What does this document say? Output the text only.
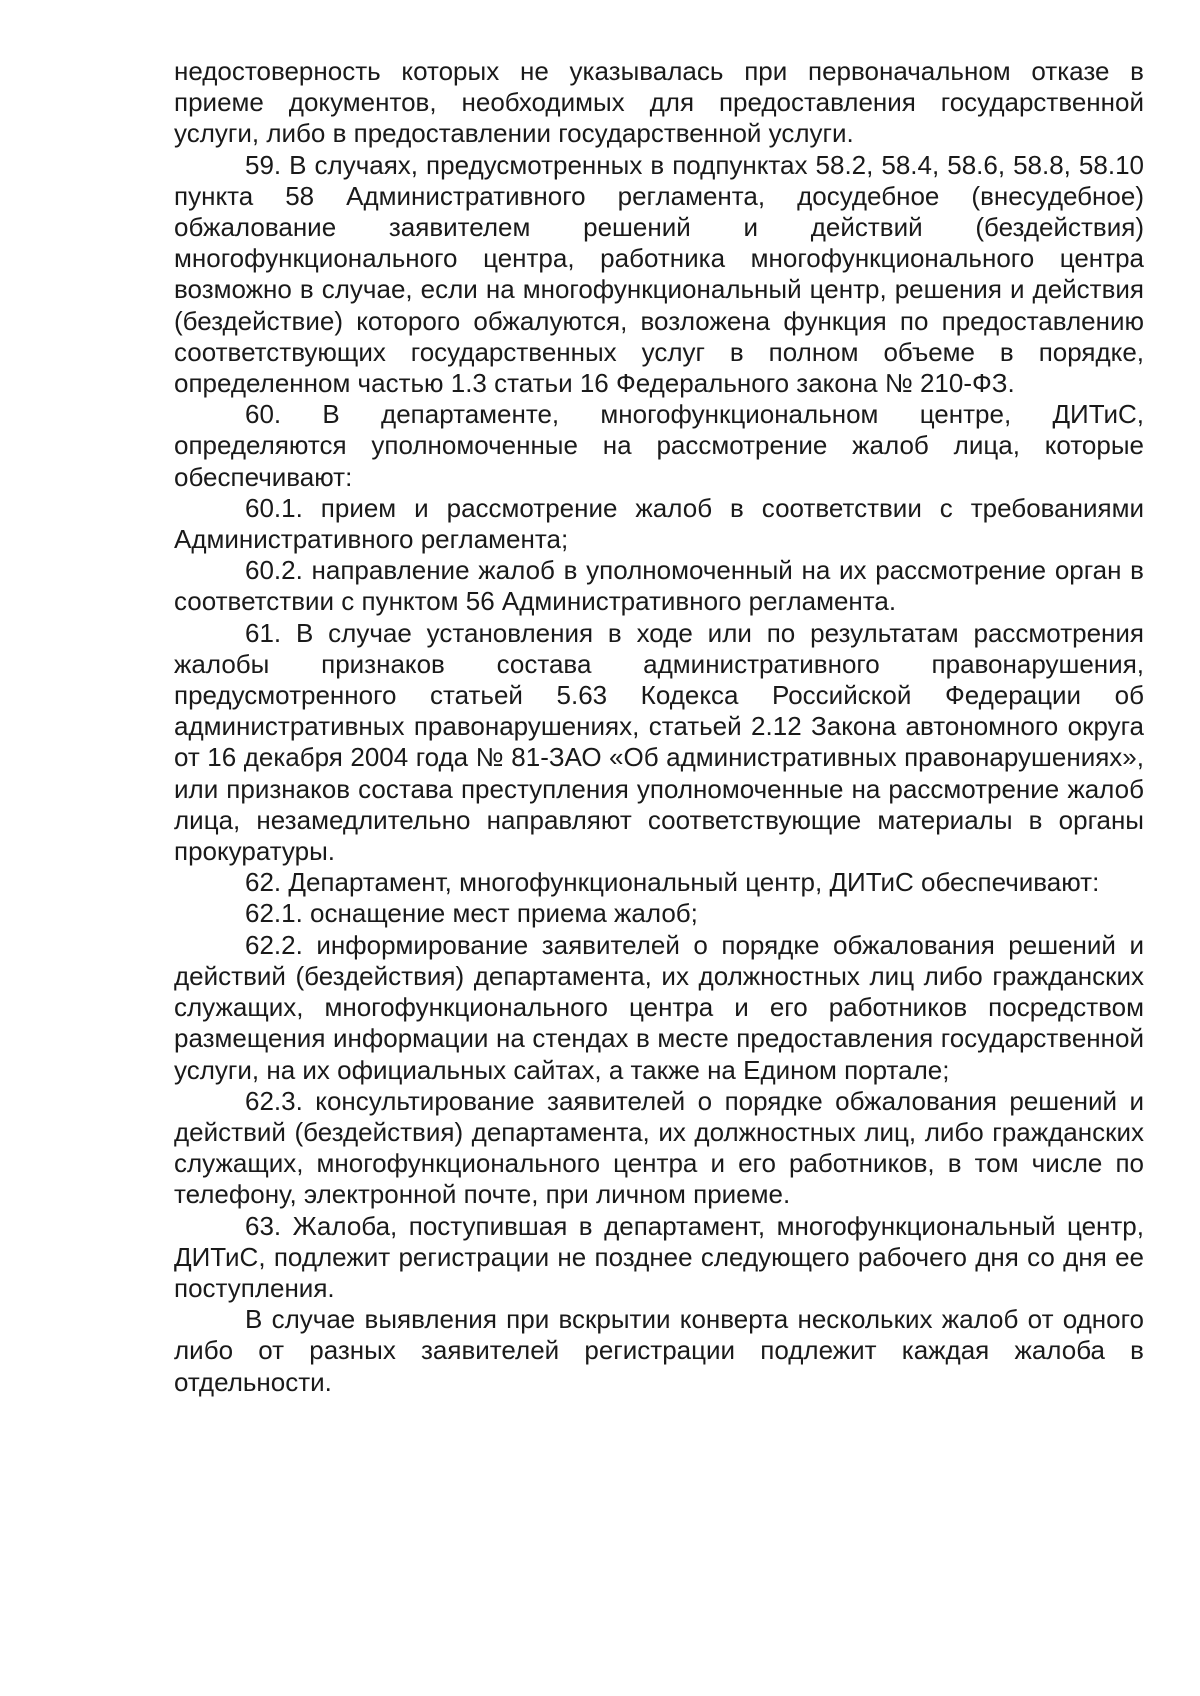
недостоверность которых не указывалась при первоначальном отказе в приеме документов, необходимых для предоставления государственной услуги, либо в предоставлении государственной услуги.

59. В случаях, предусмотренных в подпунктах 58.2, 58.4, 58.6, 58.8, 58.10 пункта 58 Административного регламента, досудебное (внесудебное) обжалование заявителем решений и действий (бездействия) многофункционального центра, работника многофункционального центра возможно в случае, если на многофункциональный центр, решения и действия (бездействие) которого обжалуются, возложена функция по предоставлению соответствующих государственных услуг в полном объеме в порядке, определенном частью 1.3 статьи 16 Федерального закона № 210-ФЗ.

60. В департаменте, многофункциональном центре, ДИТиС, определяются уполномоченные на рассмотрение жалоб лица, которые обеспечивают:

60.1. прием и рассмотрение жалоб в соответствии с требованиями Административного регламента;

60.2. направление жалоб в уполномоченный на их рассмотрение орган в соответствии с пунктом 56 Административного регламента.

61. В случае установления в ходе или по результатам рассмотрения жалобы признаков состава административного правонарушения, предусмотренного статьей 5.63 Кодекса Российской Федерации об административных правонарушениях, статьей 2.12 Закона автономного округа от 16 декабря 2004 года № 81-ЗАО «Об административных правонарушениях», или признаков состава преступления уполномоченные на рассмотрение жалоб лица, незамедлительно направляют соответствующие материалы в органы прокуратуры.

62. Департамент, многофункциональный центр, ДИТиС обеспечивают:

62.1. оснащение мест приема жалоб;

62.2. информирование заявителей о порядке обжалования решений и действий (бездействия) департамента, их должностных лиц либо гражданских служащих, многофункционального центра и его работников посредством размещения информации на стендах в месте предоставления государственной услуги, на их официальных сайтах, а также на Едином портале;

62.3. консультирование заявителей о порядке обжалования решений и действий (бездействия) департамента, их должностных лиц, либо гражданских служащих, многофункционального центра и его работников, в том числе по телефону, электронной почте, при личном приеме.

63. Жалоба, поступившая в департамент, многофункциональный центр, ДИТиС, подлежит регистрации не позднее следующего рабочего дня со дня ее поступления.

В случае выявления при вскрытии конверта нескольких жалоб от одного либо от разных заявителей регистрации подлежит каждая жалоба в отдельности.
